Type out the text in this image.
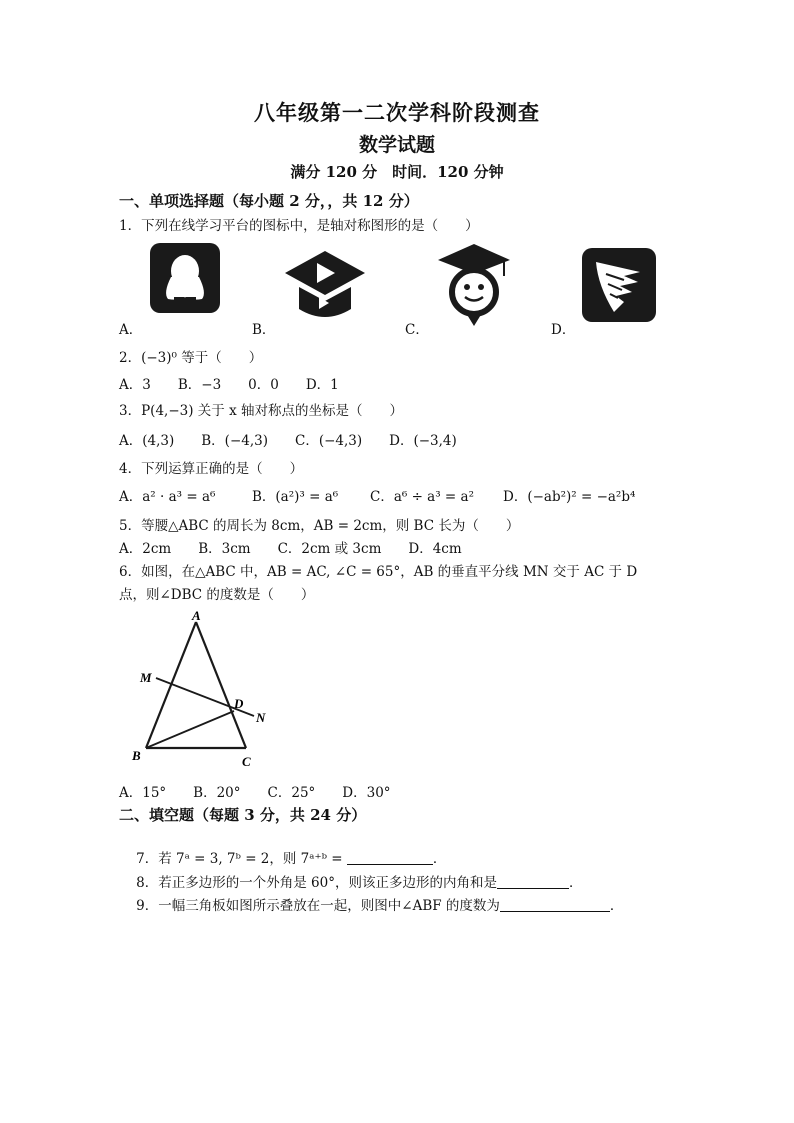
八年级第一二次学科阶段测查
数学试题
满分 120 分　时间．120 分钟
一、单项选择题（每小题 2 分，，共 12 分）
1．下列在线学习平台的图标中，是轴对称图形的是（　　）
A．	B．	C．	D．
2．(−3)⁰ 等于（　　）
A．3　　B．−3　　0．0　　D．1
3．P(4,−3) 关于 x 轴对称点的坐标是（　　）
A．(4,3)　　B．(−4,3)　　C．(−4,3)　　D．(−3,4)
4．下列运算正确的是（　　）
A．a² · a³ = a⁶	B．(a²)³ = a⁶ C．a⁶ ÷ a³ = a² D．(−ab²)² = −a²b⁴
5．等腰△ABC 的周长为 8cm，AB = 2cm，则 BC 长为（　　）
A．2cm　　B．3cm　　C．2cm 或 3cm　　D．4cm
6．如图，在△ABC 中，AB = AC, ∠C = 65°，AB 的垂直平分线 MN 交于 AC 于 D
点，则∠DBC 的度数是（　　）
A
M
D
N
B	C
A．15°　　B．20°　　C．25°　　D．30°
二、填空题（每题 3 分，共 24 分）

7．若 7ᵃ = 3, 7ᵇ = 2，则 7ᵃ⁺ᵇ =	．

8．若正多边形的一个外角是 60°，则该正多边形的内角和是	．

9．一幅三角板如图所示叠放在一起，则图中∠ABF 的度数为	．
